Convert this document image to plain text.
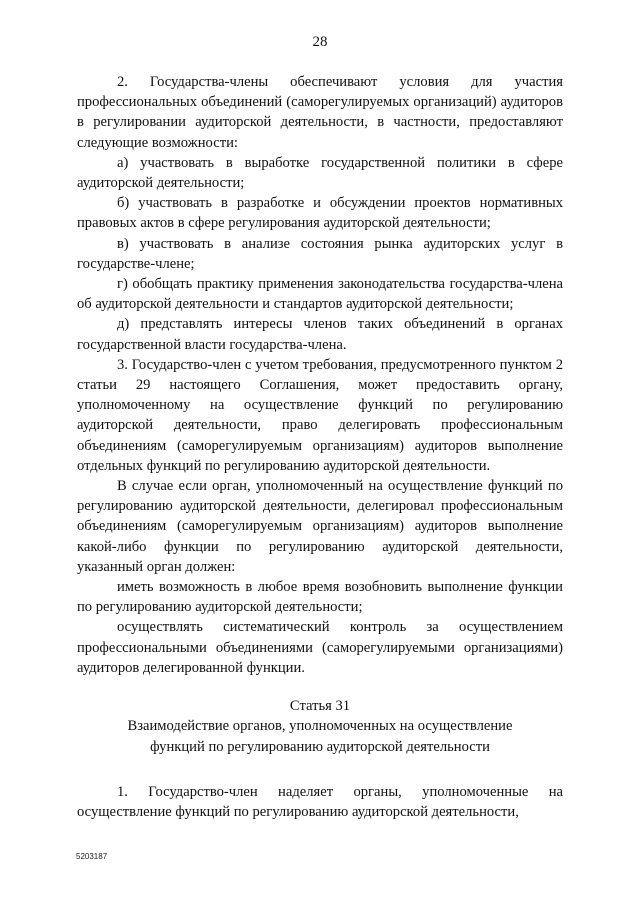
28

2. Государства-члены обеспечивают условия для участия профессиональных объединений (саморегулируемых организаций) аудиторов в регулировании аудиторской деятельности, в частности, предоставляют следующие возможности:

а) участвовать в выработке государственной политики в сфере аудиторской деятельности;

б) участвовать в разработке и обсуждении проектов нормативных правовых актов в сфере регулирования аудиторской деятельности;

в) участвовать в анализе состояния рынка аудиторских услуг в государстве-члене;

г) обобщать практику применения законодательства государства-члена об аудиторской деятельности и стандартов аудиторской деятельности;

д) представлять интересы членов таких объединений в органах государственной власти государства-члена.

3. Государство-член с учетом требования, предусмотренного пунктом 2 статьи 29 настоящего Соглашения, может предоставить органу, уполномоченному на осуществление функций по регулированию аудиторской деятельности, право делегировать профессиональным объединениям (саморегулируемым организациям) аудиторов выполнение отдельных функций по регулированию аудиторской деятельности.

В случае если орган, уполномоченный на осуществление функций по регулированию аудиторской деятельности, делегировал профессиональным объединениям (саморегулируемым организациям) аудиторов выполнение какой-либо функции по регулированию аудиторской деятельности, указанный орган должен:

иметь возможность в любое время возобновить выполнение функции по регулированию аудиторской деятельности;

осуществлять систематический контроль за осуществлением профессиональными объединениями (саморегулируемыми организациями) аудиторов делегированной функции.

Статья 31

Взаимодействие органов, уполномоченных на осуществление

функций по регулированию аудиторской деятельности

1. Государство-член наделяет органы, уполномоченные на осуществление функций по регулированию аудиторской деятельности,

5203187
